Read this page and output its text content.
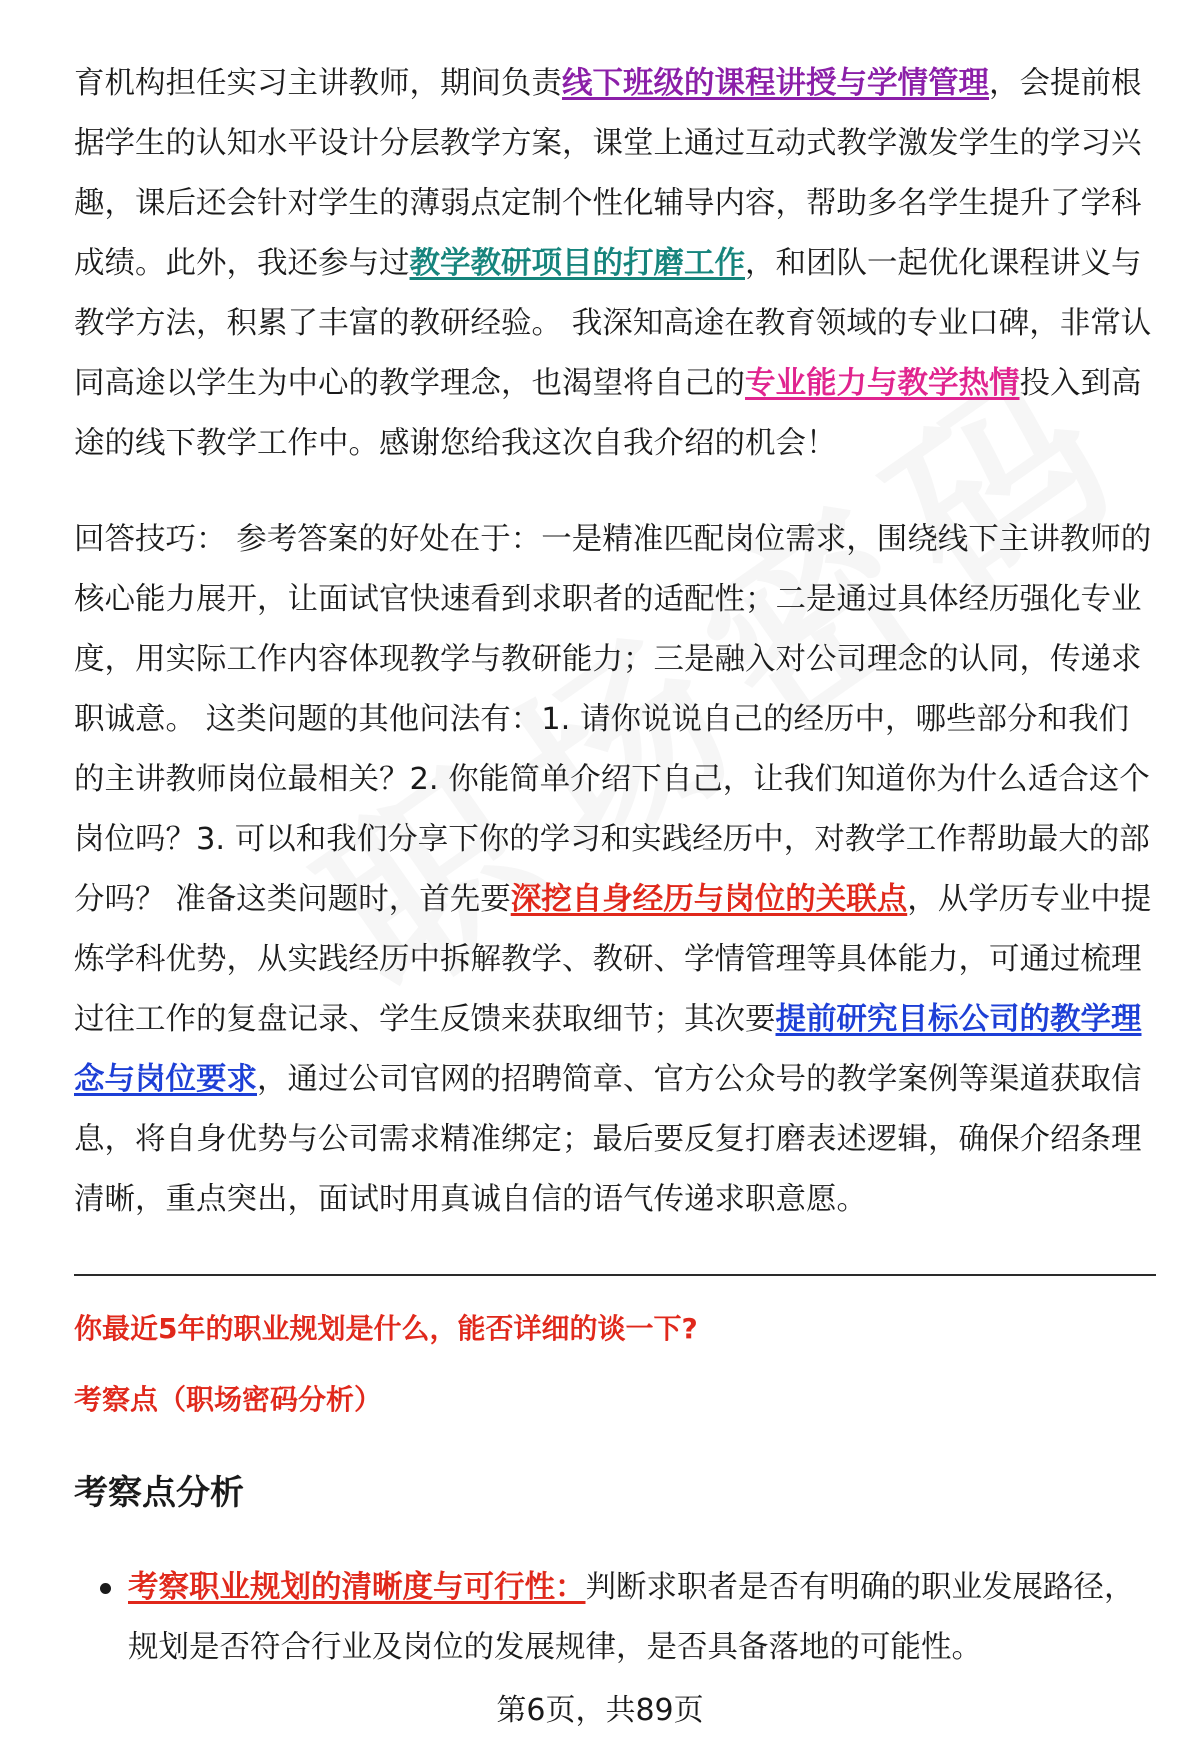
育机构担任实习主讲教师，期间负责线下班级的课程讲授与学情管理，会提前根据学生的认知水平设计分层教学方案，课堂上通过互动式教学激发学生的学习兴趣，课后还会针对学生的薄弱点定制个性化辅导内容，帮助多名学生提升了学科成绩。此外，我还参与过教学教研项目的打磨工作，和团队一起优化课程讲义与教学方法，积累了丰富的教研经验。 我深知高途在教育领域的专业口碑，非常认同高途以学生为中心的教学理念，也渴望将自己的专业能力与教学热情投入到高途的线下教学工作中。感谢您给我这次自我介绍的机会！

回答技巧： 参考答案的好处在于：一是精准匹配岗位需求，围绕线下主讲教师的核心能力展开，让面试官快速看到求职者的适配性；二是通过具体经历强化专业度，用实际工作内容体现教学与教研能力；三是融入对公司理念的认同，传递求职诚意。 这类问题的其他问法有：1. 请你说说自己的经历中，哪些部分和我们的主讲教师岗位最相关？2. 你能简单介绍下自己，让我们知道你为什么适合这个岗位吗？3. 可以和我们分享下你的学习和实践经历中，对教学工作帮助最大的部分吗？ 准备这类问题时，首先要深挖自身经历与岗位的关联点，从学历专业中提炼学科优势，从实践经历中拆解教学、教研、学情管理等具体能力，可通过梳理过往工作的复盘记录、学生反馈来获取细节；其次要提前研究目标公司的教学理念与岗位要求，通过公司官网的招聘简章、官方公众号的教学案例等渠道获取信息，将自身优势与公司需求精准绑定；最后要反复打磨表述逻辑，确保介绍条理清晰，重点突出，面试时用真诚自信的语气传递求职意愿。

你最近5年的职业规划是什么，能否详细的谈一下?
考察点（职场密码分析）
考察点分析
考察职业规划的清晰度与可行性：判断求职者是否有明确的职业发展路径，规划是否符合行业及岗位的发展规律，是否具备落地的可能性。
第6页，共89页
